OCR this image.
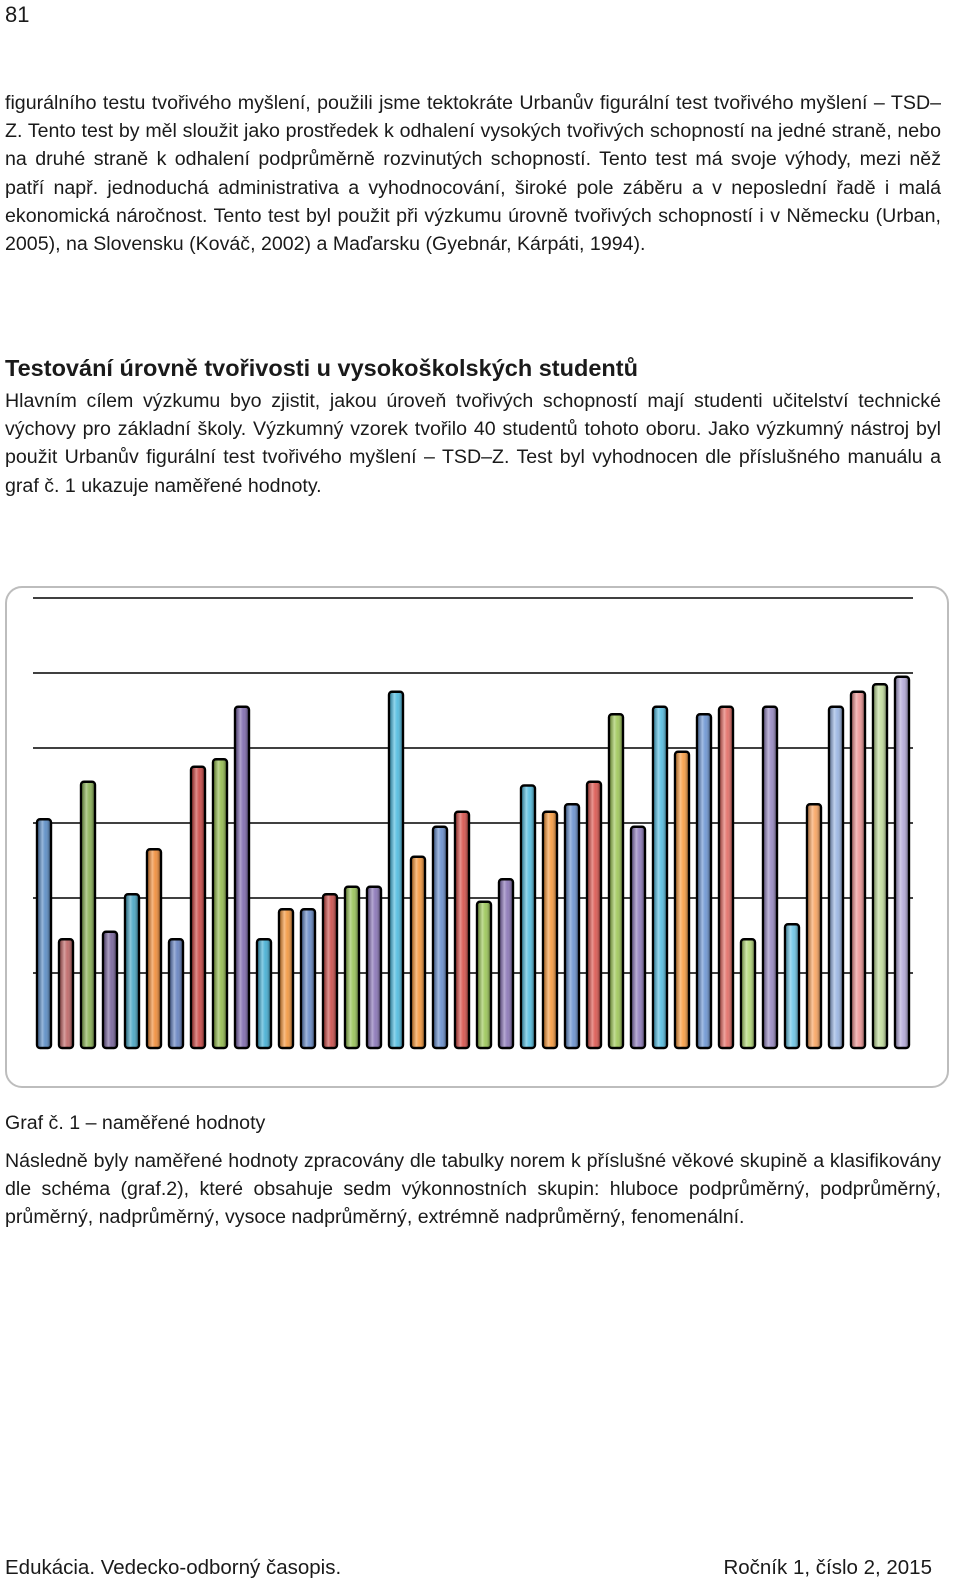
81

figurálního testu tvořivého myšlení, použili jsme tektokráte Urbanův figurální test tvořivého myšlení – TSD–Z. Tento test by měl sloužit jako prostředek k odhalení vysokých tvořivých schopností na jedné straně, nebo na druhé straně k odhalení podprůměrně rozvinutých schopností. Tento test má svoje výhody, mezi něž patří např. jednoduchá administrativa a vyhodnocování, široké pole záběru a v neposlední řadě i malá ekonomická náročnost. Tento test byl použit při výzkumu úrovně tvořivých schopností i v Německu (Urban, 2005), na Slovensku (Kováč, 2002) a Maďarsku (Gyebnár, Kárpáti, 1994).

Testování úrovně tvořivosti u vysokoškolských studentů

Hlavním cílem výzkumu byo zjistit, jakou úroveň tvořivých schopností mají studenti učitelství technické výchovy pro základní školy. Výzkumný vzorek tvořilo 40 studentů tohoto oboru. Jako výzkumný nástroj byl použit Urbanův figurální test tvořivého myšlení – TSD–Z. Test byl vyhodnocen dle příslušného manuálu a graf č. 1 ukazuje naměřené hodnoty.

Graf č. 1 – naměřené hodnoty

Následně byly naměřené hodnoty zpracovány dle tabulky norem k příslušné věkové skupině a klasifikovány dle schéma (graf.2), které obsahuje sedm výkonnostních skupin: hluboce podprůměrný, podprůměrný, průměrný, nadprůměrný, vysoce nadprůměrný, extrémně nadprůměrný, fenomenální.

Edukácia. Vedecko-odborný časopis.	Ročník 1, číslo 2, 2015
